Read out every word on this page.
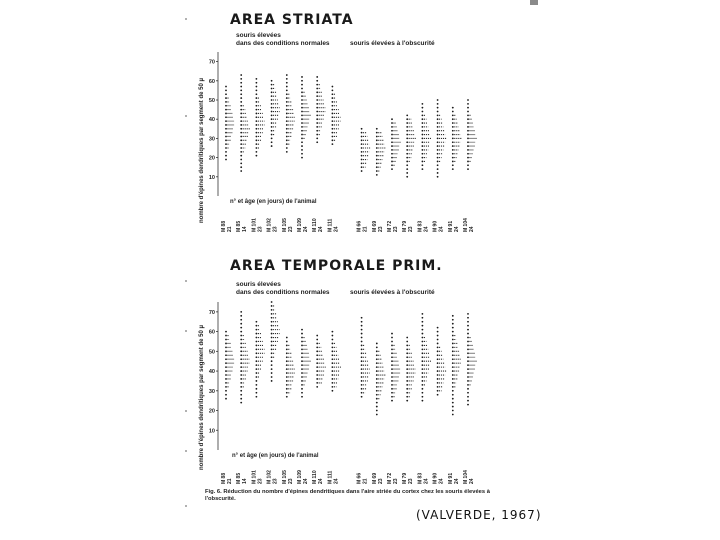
AREA STRIATA
souris élevées
dans des conditions normales	souris élevées à l'obscurité
nombre d'épines dendritiques par segment de 50 µ	n° et âge (en jours) de l'animal
10
20
30
40
50
60
70
M 88 21 M 85 14 M 101 23 M 102 23 M 105 23 M 109 24 M 110 24 M 111 24	M 66 21 M 69 23 M 72 23 M 79 23 M 83 24 M 90 24 M 91 24 M 104 24
AREA TEMPORALE PRIM.
souris élevées
dans des conditions normales	souris élevées à l'obscurité
nombre d'épines dendritiques par segment de 50 µ	n° et âge (en jours) de l'animal
10
20
30
40
50
60
70
M 88 21 M 85 14 M 101 23 M 102 23 M 105 23 M 109 24 M 110 24 M 111 24	M 66 21 M 69 23 M 72 23 M 79 23 M 83 24 M 90 24 M 91 24 M 104 24
Fig. 6. Réduction du nombre d'épines dendritiques dans l'aire striée du cortex chez les souris élevées à l'obscurité.
(VALVERDE, 1967)
